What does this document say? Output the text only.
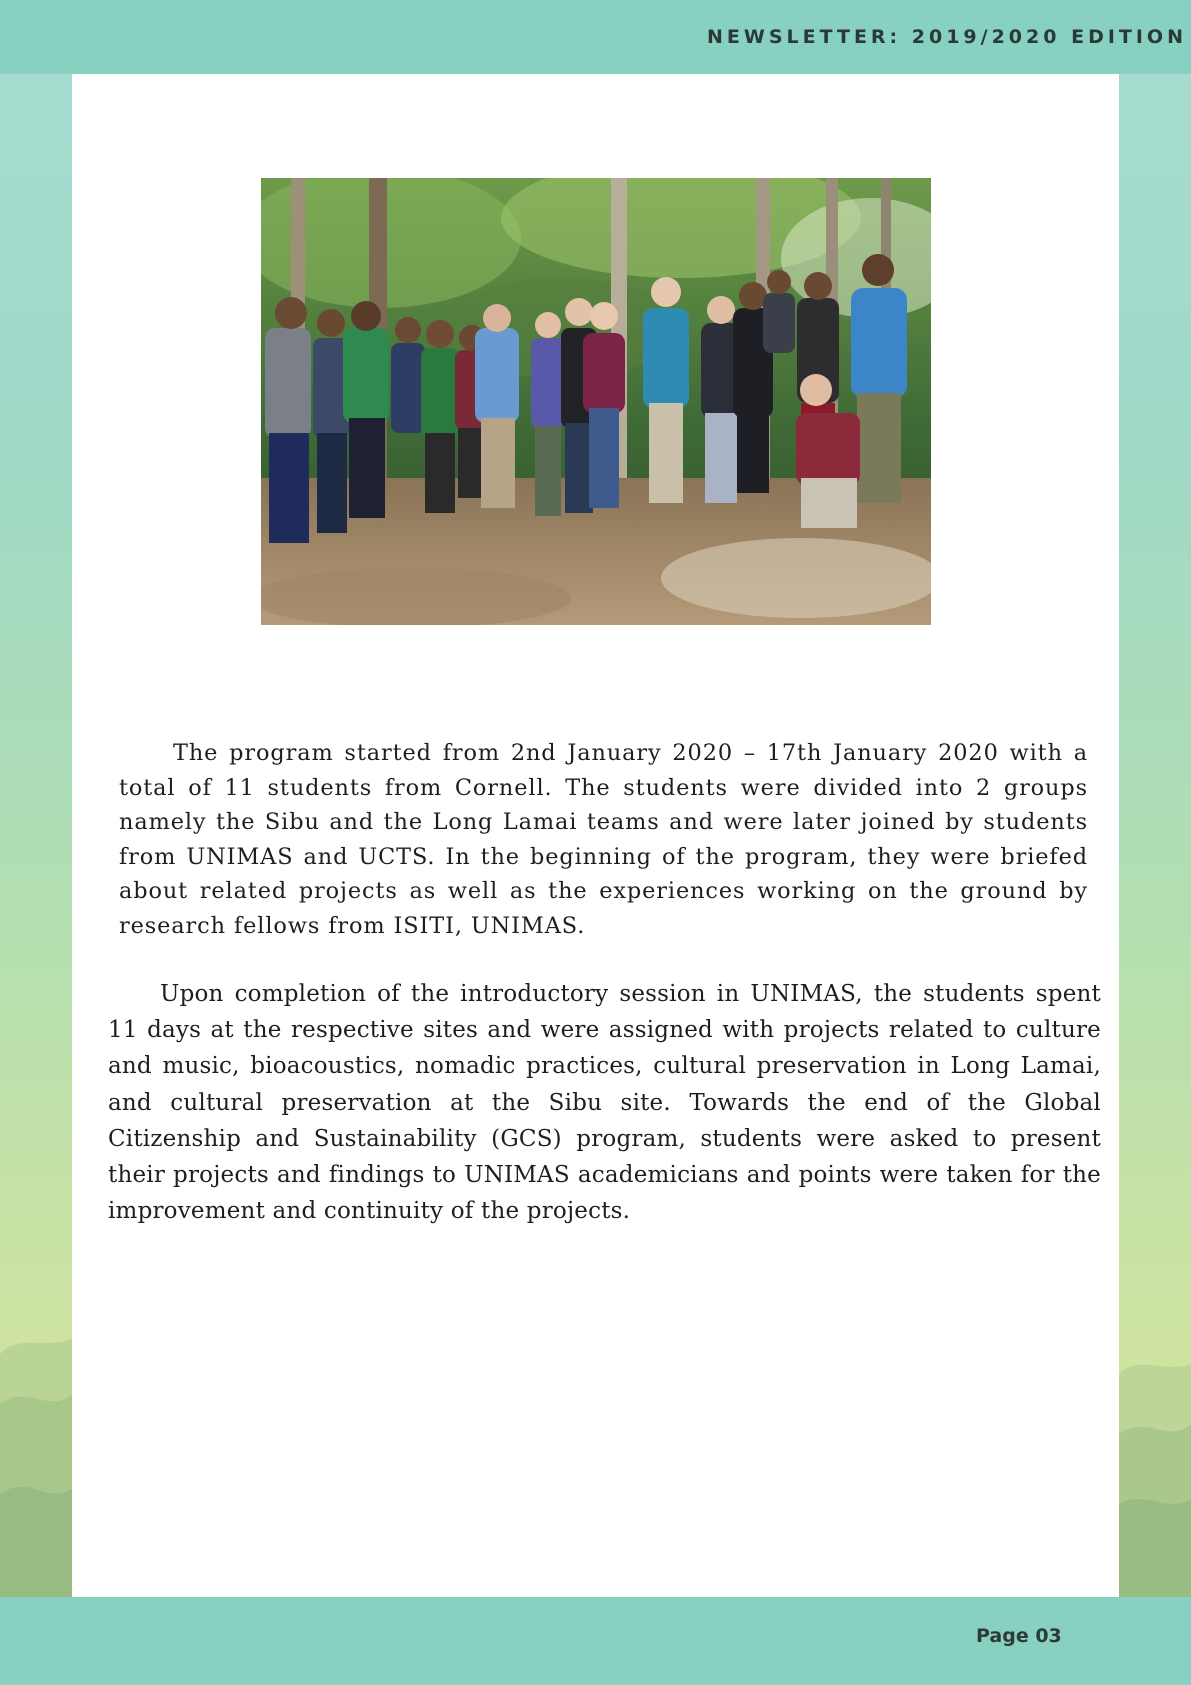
NEWSLETTER: 2019/2020 EDITION

The program started from 2nd January 2020 – 17th January 2020 with a total of 11 students from Cornell. The students were divided into 2 groups namely the Sibu and the Long Lamai teams and were later joined by students from UNIMAS and UCTS. In the beginning of the program, they were briefed about related projects as well as the experiences working on the ground by research fellows from ISITI, UNIMAS.

Upon completion of the introductory session in UNIMAS, the students spent 11 days at the respective sites and were assigned with projects related to culture and music, bioacoustics, nomadic practices, cultural preservation in Long Lamai, and cultural preservation at the Sibu site. Towards the end of the Global Citizenship and Sustainability (GCS) program, students were asked to present their projects and findings to UNIMAS academicians and points were taken for the improvement and continuity of the projects.

Page 03
